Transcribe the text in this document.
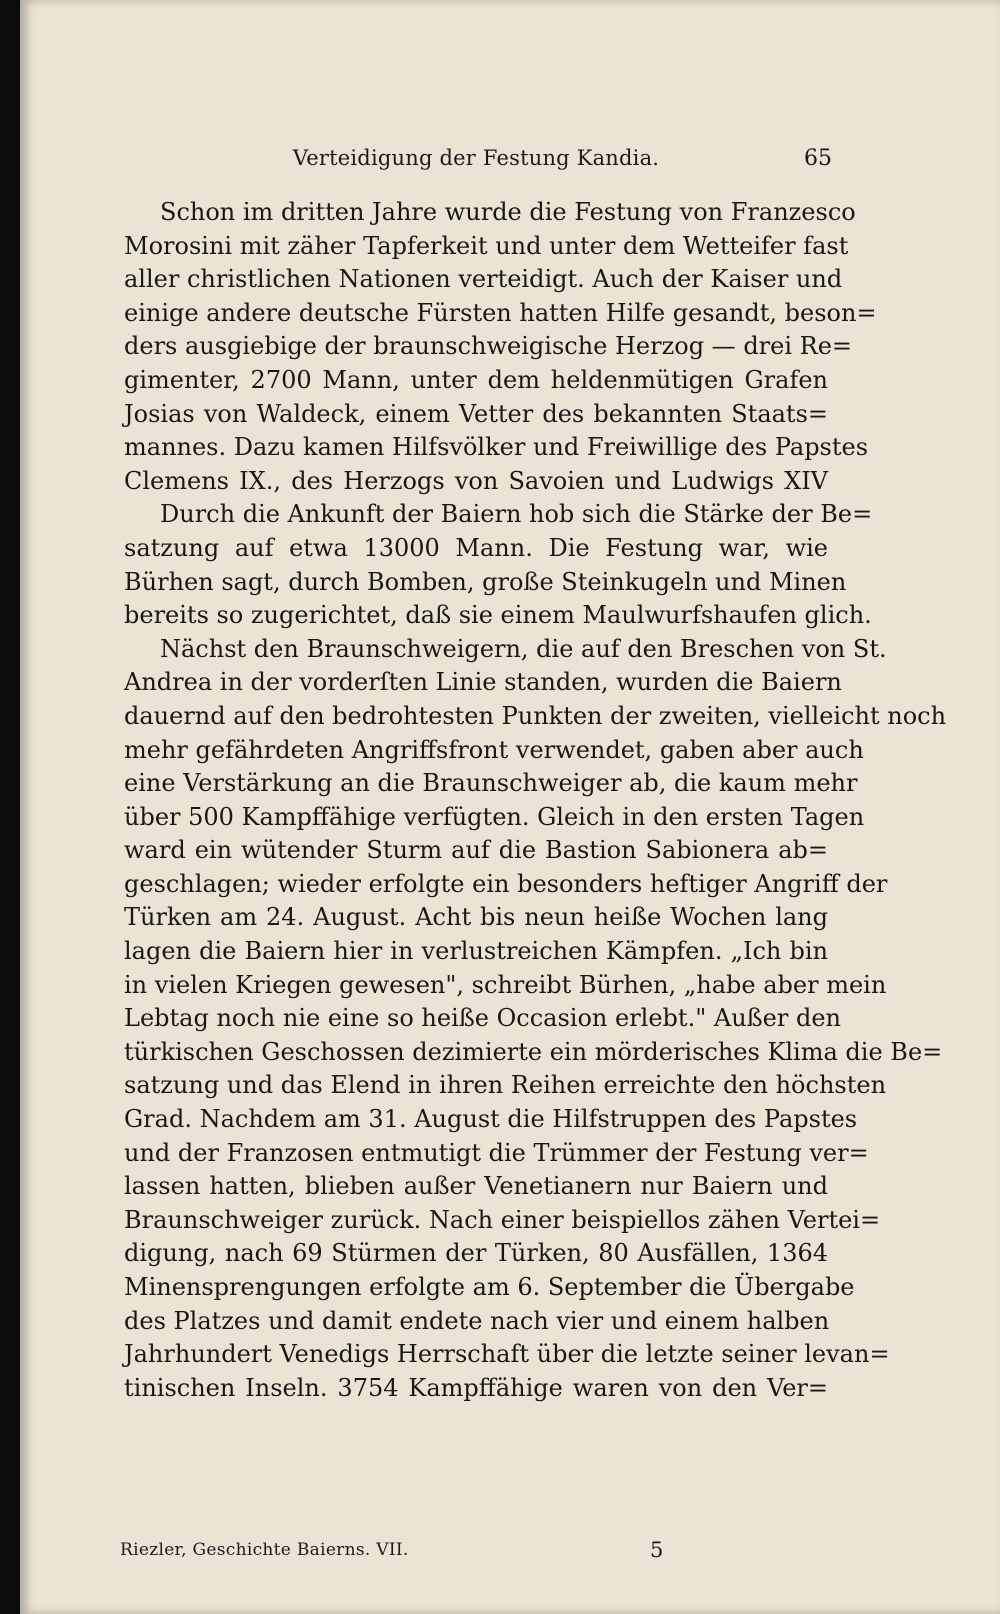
Verteidigung der Festung Kandia.	65
Schon im dritten Jahre wurde die Festung von Franzesco
Morosini mit zäher Tapferkeit und unter dem Wetteifer fast
aller christlichen Nationen verteidigt. Auch der Kaiser und
einige andere deutsche Fürsten hatten Hilfe gesandt, beson=
ders ausgiebige der braunschweigische Herzog — drei Re=
gimenter, 2700 Mann, unter dem heldenmütigen Grafen
Josias von Waldeck, einem Vetter des bekannten Staats=
mannes. Dazu kamen Hilfsvölker und Freiwillige des Papstes
Clemens IX., des Herzogs von Savoien und Ludwigs XIV
Durch die Ankunft der Baiern hob sich die Stärke der Be=
satzung auf etwa 13000 Mann. Die Festung war, wie
Bürhen sagt, durch Bomben, große Steinkugeln und Minen
bereits so zugerichtet, daß sie einem Maulwurfshaufen glich.
Nächst den Braunschweigern, die auf den Breschen von St.
Andrea in der vorderſten Linie standen, wurden die Baiern
dauernd auf den bedrohtesten Punkten der zweiten, vielleicht noch
mehr gefährdeten Angriffsfront verwendet, gaben aber auch
eine Verstärkung an die Braunschweiger ab, die kaum mehr
über 500 Kampffähige verfügten. Gleich in den ersten Tagen
ward ein wütender Sturm auf die Bastion Sabionera ab=
geschlagen; wieder erfolgte ein besonders heftiger Angriff der
Türken am 24. August. Acht bis neun heiße Wochen lang
lagen die Baiern hier in verlustreichen Kämpfen. „Ich bin
in vielen Kriegen gewesen", schreibt Bürhen, „habe aber mein
Lebtag noch nie eine so heiße Occasion erlebt." Außer den
türkischen Geschossen dezimierte ein mörderisches Klima die Be=
satzung und das Elend in ihren Reihen erreichte den höchsten
Grad. Nachdem am 31. August die Hilfstruppen des Papstes
und der Franzosen entmutigt die Trümmer der Festung ver=
lassen hatten, blieben außer Venetianern nur Baiern und
Braunschweiger zurück. Nach einer beispiellos zähen Vertei=
digung, nach 69 Stürmen der Türken, 80 Ausfällen, 1364
Minensprengungen erfolgte am 6. September die Übergabe
des Platzes und damit endete nach vier und einem halben
Jahrhundert Venedigs Herrschaft über die letzte seiner levan=
tinischen Inseln. 3754 Kampffähige waren von den Ver=
Riezler, Geschichte Baierns. VII.	5
